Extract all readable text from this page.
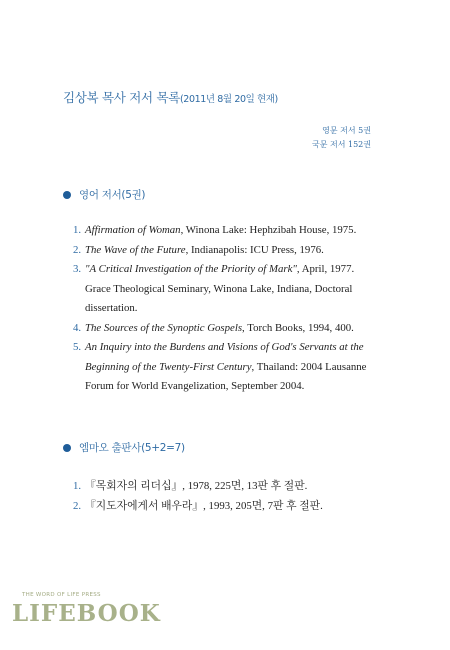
김상복 목사 저서 목록(2011년 8월 20일 현재)
영문 저서 5권
국문 저서 152권
영어 저서(5권)
1. Affirmation of Woman, Winona Lake: Hephzibah House, 1975.
2. The Wave of the Future, Indianapolis: ICU Press, 1976.
3. "A Critical Investigation of the Priority of Mark", April, 1977. Grace Theological Seminary, Winona Lake, Indiana, Doctoral dissertation.
4. The Sources of the Synoptic Gospels, Torch Books, 1994, 400.
5. An Inquiry into the Burdens and Visions of God's Servants at the Beginning of the Twenty-First Century, Thailand: 2004 Lausanne Forum for World Evangelization, September 2004.
엠마오 출판사(5+2=7)
1. 『목회자의 리더십』, 1978, 225면, 13판 후 절판.
2. 『지도자에게서 배우라』, 1993, 205면, 7판 후 절판.
THE WORD OF LIFE PRESS
LIFEBOOK
